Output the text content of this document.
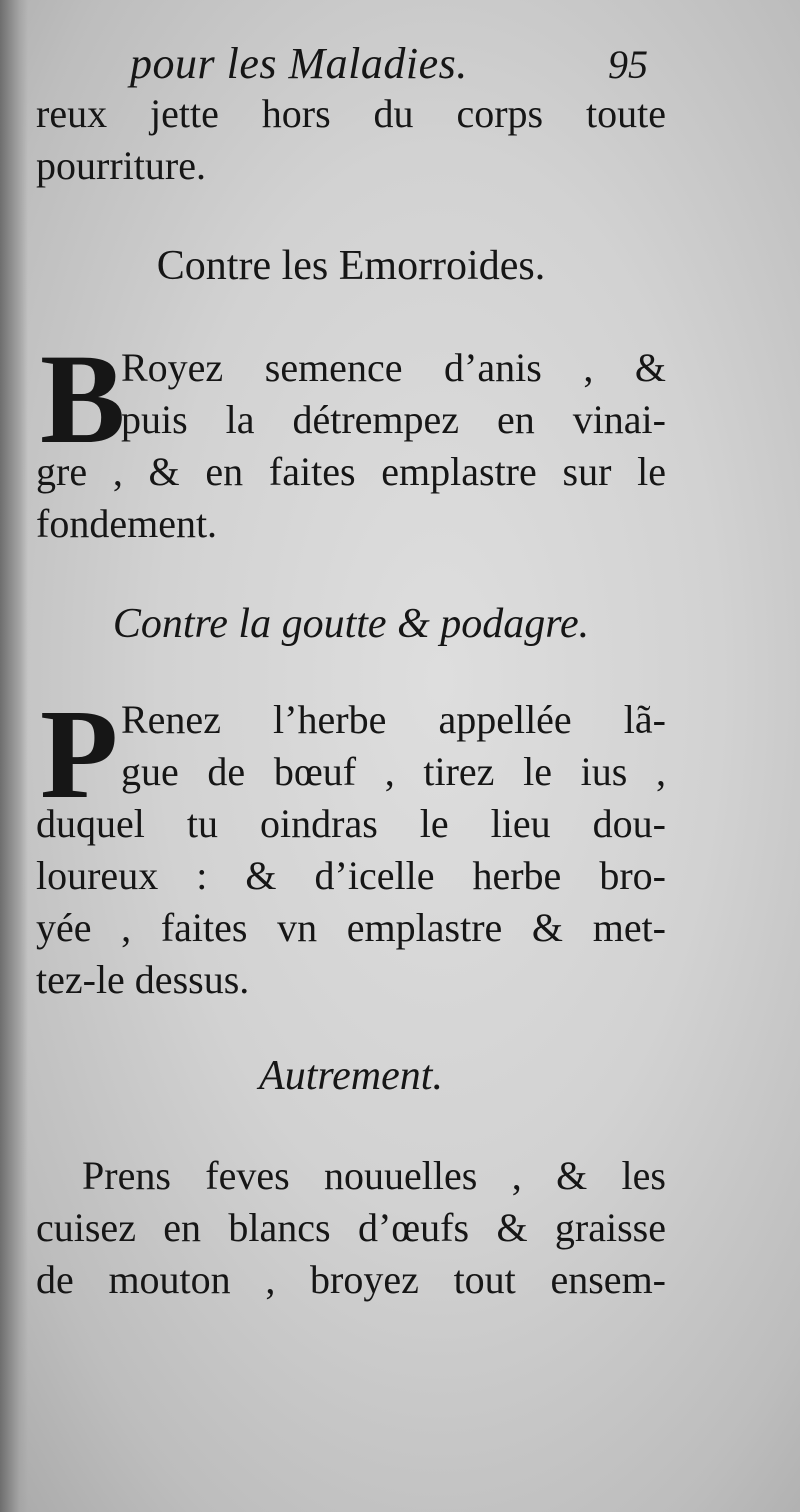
pour les Maladies.	95
reux jette hors du corps toute
pourriture.
Contre les Emorroides.
B
Royez semence d’anis , &
puis la détrempez en vinai-
gre , & en faites emplastre sur le
fondement.
Contre la goutte & podagre.
P Renez l’herbe appellée lã-
gue de bœuf , tirez le ius ,
duquel tu oindras le lieu dou-
loureux : & d’icelle herbe bro-
yée , faites vn emplastre & met-
tez-le dessus.
Autrement.
Prens feves nouuelles , & les
cuisez en blancs d’œufs & graisse
de mouton , broyez tout ensem-
